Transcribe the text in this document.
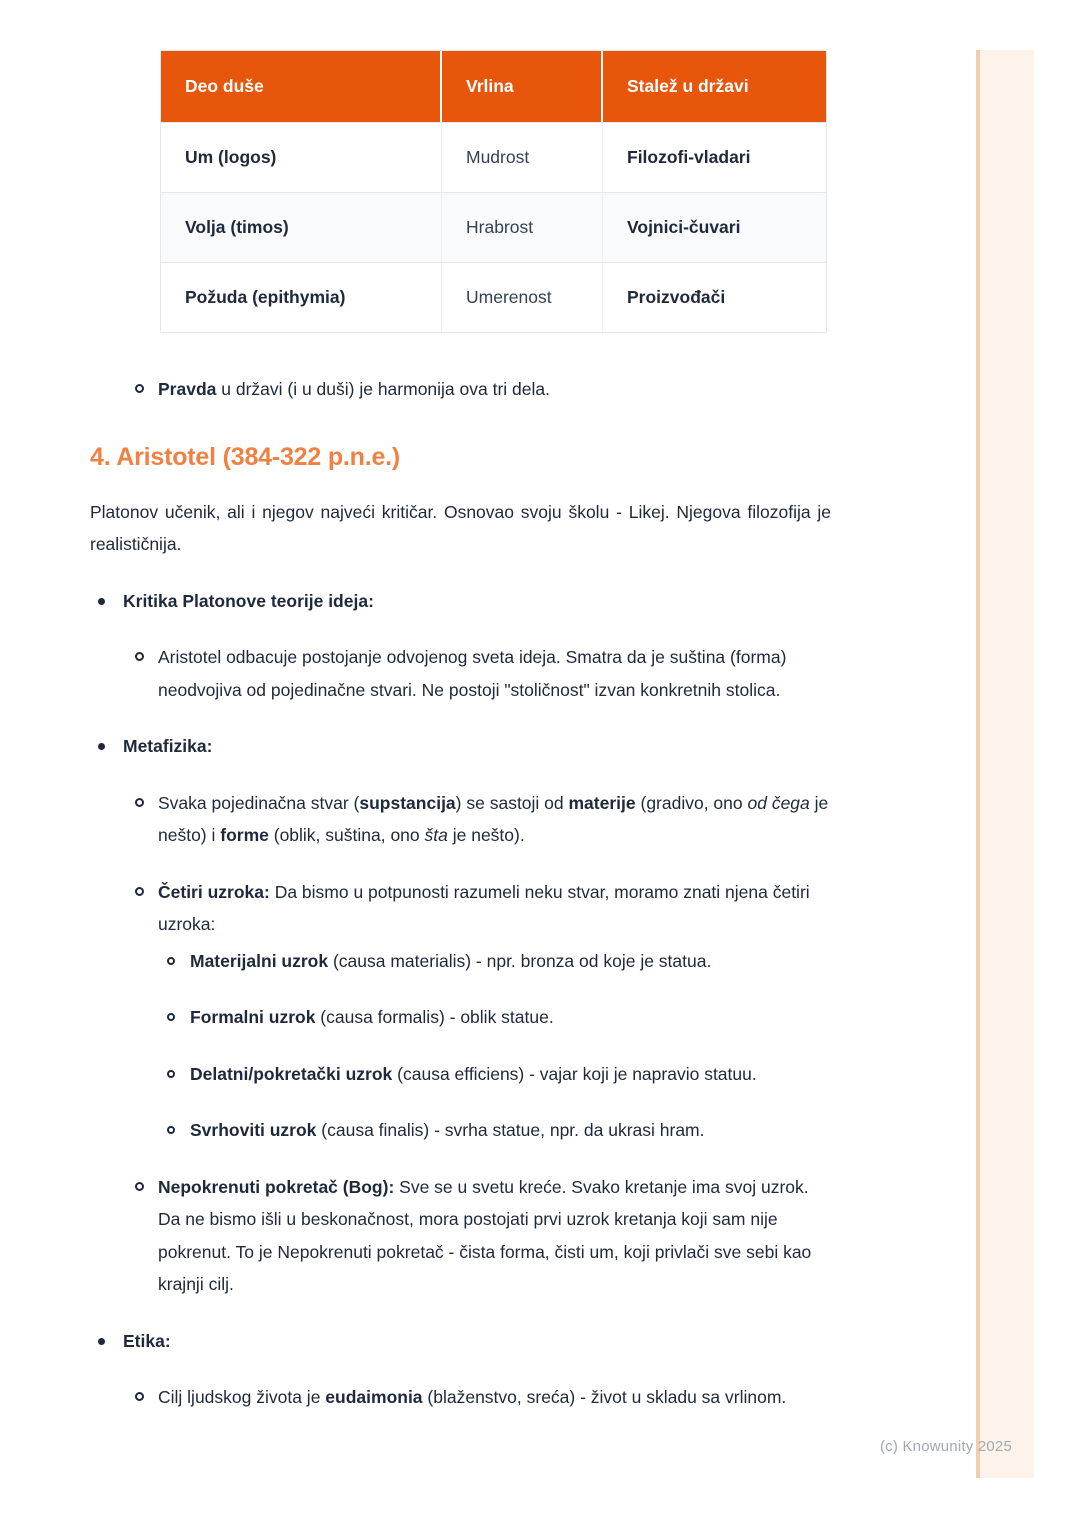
Deo duše	Vrlina	Stalež u državi
Um (logos)	Mudrost	Filozofi-vladari
Volja (timos)	Hrabrost	Vojnici-čuvari
Požuda (epithymia)	Umerenost	Proizvođači
Pravda u državi (i u duši) je harmonija ova tri dela.
4. Aristotel (384-322 p.n.e.)
Platonov učenik, ali i njegov najveći kritičar. Osnovao svoju školu - Likej. Njegova filozofija je realističnija.
Kritika Platonove teorije ideja:
Aristotel odbacuje postojanje odvojenog sveta ideja. Smatra da je suština (forma) neodvojiva od pojedinačne stvari. Ne postoji "stoličnost" izvan konkretnih stolica.
Metafizika:
Svaka pojedinačna stvar (supstancija) se sastoji od materije (gradivo, ono od čega je nešto) i forme (oblik, suština, ono šta je nešto).
Četiri uzroka: Da bismo u potpunosti razumeli neku stvar, moramo znati njena četiri uzroka:
Materijalni uzrok (causa materialis) - npr. bronza od koje je statua.
Formalni uzrok (causa formalis) - oblik statue.
Delatni/pokretački uzrok (causa efficiens) - vajar koji je napravio statuu.
Svrhoviti uzrok (causa finalis) - svrha statue, npr. da ukrasi hram.
Nepokrenuti pokretač (Bog): Sve se u svetu kreće. Svako kretanje ima svoj uzrok. Da ne bismo išli u beskonačnost, mora postojati prvi uzrok kretanja koji sam nije pokrenut. To je Nepokrenuti pokretač - čista forma, čisti um, koji privlači sve sebi kao krajnji cilj.
Etika:
Cilj ljudskog života je eudaimonia (blaženstvo, sreća) - život u skladu sa vrlinom.
(c) Knowunity 2025
